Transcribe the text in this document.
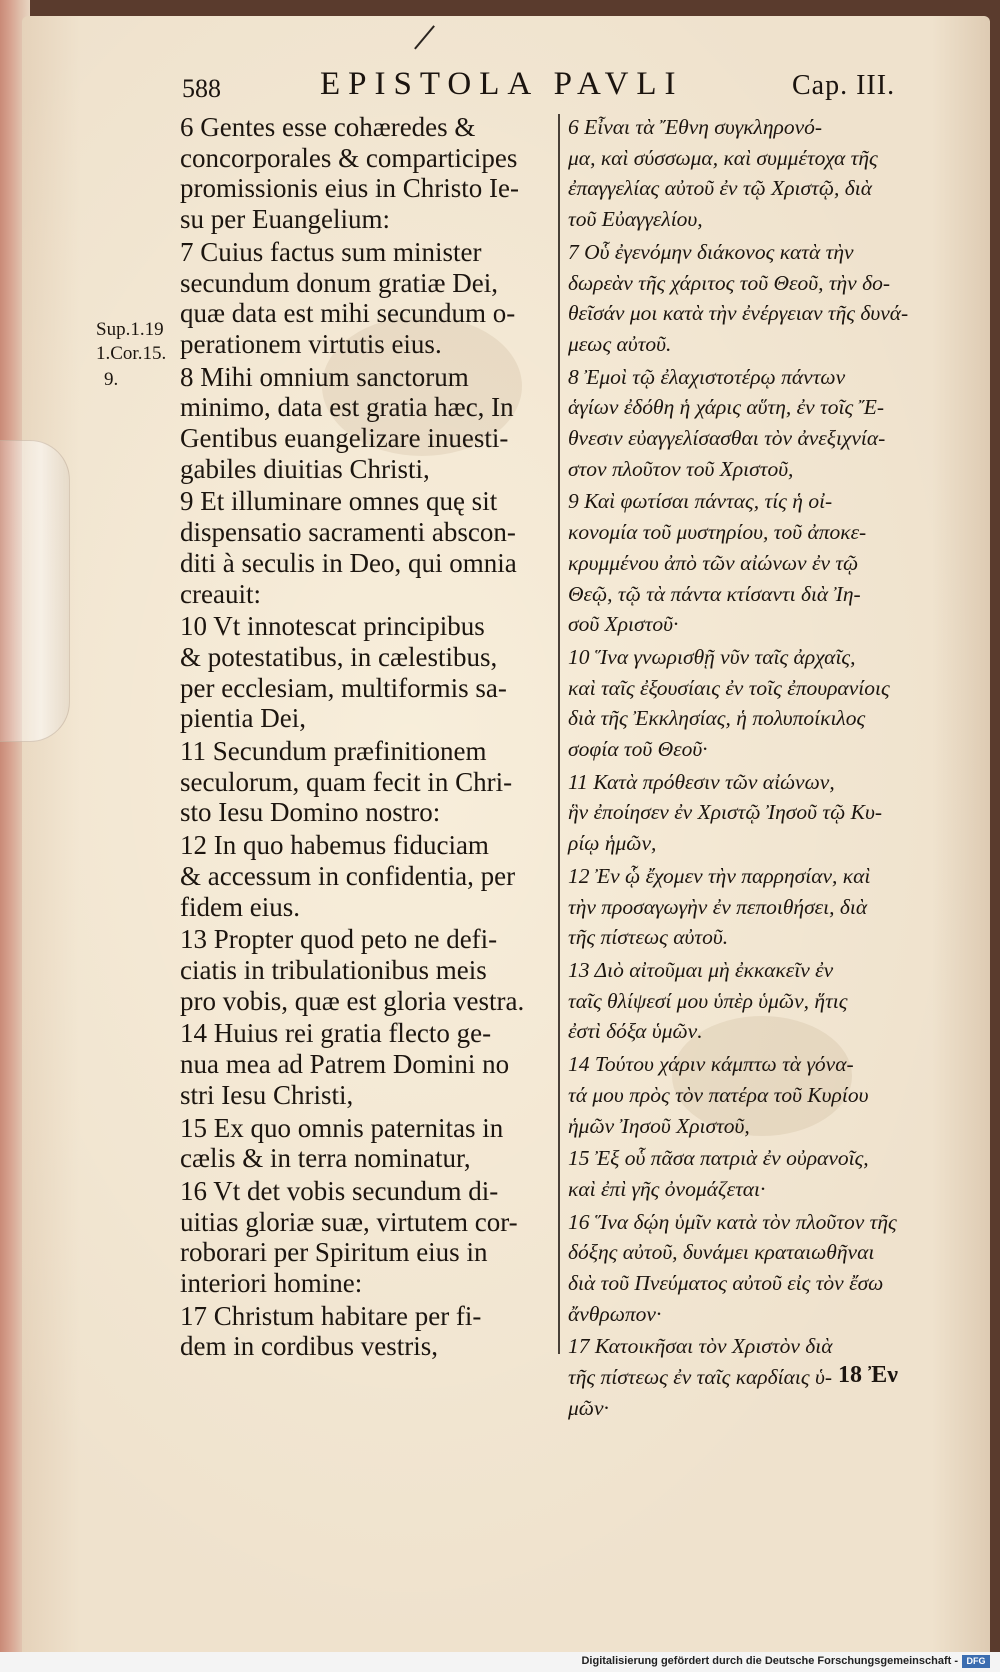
588	EPISTOLA PAVLI	Cap. III.
Sup.1.19
1.Cor.15.
9.
6 Gentes esse cohæredes &
concorporales & comparticipes
promissionis eius in Christo Ie-
su per Euangelium:
7 Cuius factus sum minister
secundum donum gratiæ Dei,
quæ data est mihi secundum o-
perationem virtutis eius.
8 Mihi omnium sanctorum
minimo, data est gratia hæc, In
Gentibus euangelizare inuesti-
gabiles diuitias Christi,
9 Et illuminare omnes quę sit
dispensatio sacramenti abscon-
diti à seculis in Deo, qui omnia
creauit:
10 Vt innotescat principibus
& potestatibus, in cælestibus,
per ecclesiam, multiformis sa-
pientia Dei,
11 Secundum præfinitionem
seculorum, quam fecit in Chri-
sto Iesu Domino nostro:
12 In quo habemus fiduciam
& accessum in confidentia, per
fidem eius.
13 Propter quod peto ne defi-
ciatis in tribulationibus meis
pro vobis, quæ est gloria vestra.
14 Huius rei gratia flecto ge-
nua mea ad Patrem Domini no
stri Iesu Christi,
15 Ex quo omnis paternitas in
cælis & in terra nominatur,
16 Vt det vobis secundum di-
uitias gloriæ suæ, virtutem cor-
roborari per Spiritum eius in
interiori homine:
17 Christum habitare per fi-
dem in cordibus vestris,
6 Εἶναι τὰ Ἔθνη συγκληρονό-
μα, καὶ σύσσωμα, καὶ συμμέτοχα τῆς
ἐπαγγελίας αὐτοῦ ἐν τῷ Χριστῷ, διὰ
τοῦ Εὐαγγελίου,
7 Οὗ ἐγενόμην διάκονος κατὰ τὴν
δωρεὰν τῆς χάριτος τοῦ Θεοῦ, τὴν δο-
θεῖσάν μοι κατὰ τὴν ἐνέργειαν τῆς δυνά-
μεως αὐτοῦ.
8 Ἐμοὶ τῷ ἐλαχιστοτέρῳ πάντων
ἁγίων ἐδόθη ἡ χάρις αὕτη, ἐν τοῖς Ἔ-
θνεσιν εὐαγγελίσασθαι τὸν ἀνεξιχνία-
στον πλοῦτον τοῦ Χριστοῦ,
9 Καὶ φωτίσαι πάντας, τίς ἡ οἰ-
κονομία τοῦ μυστηρίου, τοῦ ἀποκε-
κρυμμένου ἀπὸ τῶν αἰώνων ἐν τῷ
Θεῷ, τῷ τὰ πάντα κτίσαντι διὰ Ἰη-
σοῦ Χριστοῦ·
10 Ἵνα γνωρισθῇ νῦν ταῖς ἀρχαῖς,
καὶ ταῖς ἐξουσίαις ἐν τοῖς ἐπουρανίοις
διὰ τῆς Ἐκκλησίας, ἡ πολυποίκιλος
σοφία τοῦ Θεοῦ·
11 Κατὰ πρόθεσιν τῶν αἰώνων,
ἣν ἐποίησεν ἐν Χριστῷ Ἰησοῦ τῷ Κυ-
ρίῳ ἡμῶν,
12 Ἐν ᾧ ἔχομεν τὴν παρρησίαν, καὶ
τὴν προσαγωγὴν ἐν πεποιθήσει, διὰ
τῆς πίστεως αὐτοῦ.
13 Διὸ αἰτοῦμαι μὴ ἐκκακεῖν ἐν
ταῖς θλίψεσί μου ὑπὲρ ὑμῶν, ἥτις
ἐστὶ δόξα ὑμῶν.
14 Τούτου χάριν κάμπτω τὰ γόνα-
τά μου πρὸς τὸν πατέρα τοῦ Κυρίου
ἡμῶν Ἰησοῦ Χριστοῦ,
15 Ἐξ οὗ πᾶσα πατριὰ ἐν οὐρανοῖς,
καὶ ἐπὶ γῆς ὀνομάζεται·
16 Ἵνα δῴη ὑμῖν κατὰ τὸν πλοῦτον τῆς
δόξης αὐτοῦ, δυνάμει κραταιωθῆναι
διὰ τοῦ Πνεύματος αὐτοῦ εἰς τὸν ἔσω
ἄνθρωπον·
17 Κατοικῆσαι τὸν Χριστὸν διὰ
τῆς πίστεως ἐν ταῖς καρδίαις ὑ-
μῶν·
18 Ἐν
Digitalisierung gefördert durch die Deutsche Forschungsgemeinschaft - DFG
